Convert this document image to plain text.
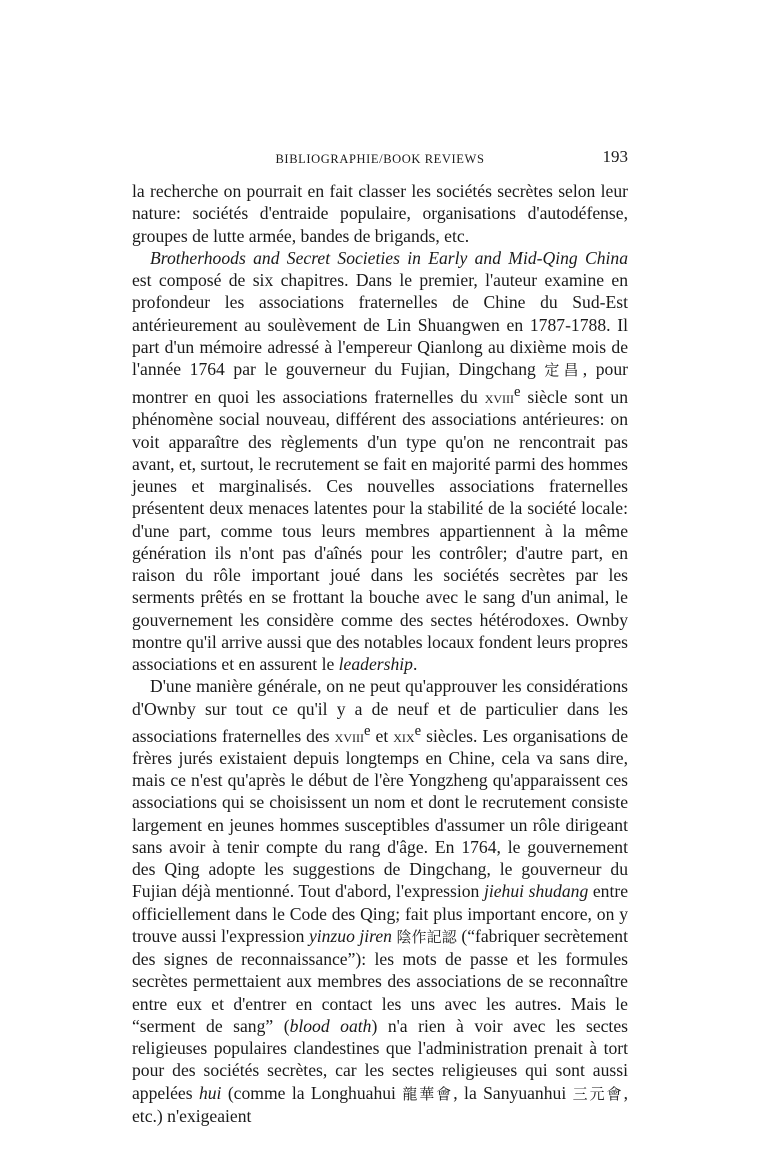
BIBLIOGRAPHIE/BOOK REVIEWS	193

la recherche on pourrait en fait classer les sociétés secrètes selon leur nature: sociétés d'entraide populaire, organisations d'autodéfense, groupes de lutte armée, bandes de brigands, etc.

Brotherhoods and Secret Societies in Early and Mid-Qing China est composé de six chapitres. Dans le premier, l'auteur examine en profondeur les associations fraternelles de Chine du Sud-Est antérieurement au soulèvement de Lin Shuangwen en 1787-1788. Il part d'un mémoire adressé à l'empereur Qianlong au dixième mois de l'année 1764 par le gouverneur du Fujian, Dingchang 定昌, pour montrer en quoi les associations fraternelles du xviii$^e$ siècle sont un phénomène social nouveau, différent des associations antérieures: on voit apparaître des règlements d'un type qu'on ne rencontrait pas avant, et, surtout, le recrutement se fait en majorité parmi des hommes jeunes et marginalisés. Ces nouvelles associations fraternelles présentent deux menaces latentes pour la stabilité de la société locale: d'une part, comme tous leurs membres appartiennent à la même génération ils n'ont pas d'aînés pour les contrôler; d'autre part, en raison du rôle important joué dans les sociétés secrètes par les serments prêtés en se frottant la bouche avec le sang d'un animal, le gouvernement les considère comme des sectes hétérodoxes. Ownby montre qu'il arrive aussi que des notables locaux fondent leurs propres associations et en assurent le leadership.

D'une manière générale, on ne peut qu'approuver les considérations d'Ownby sur tout ce qu'il y a de neuf et de particulier dans les associations fraternelles des xviii$^e$ et xix$^e$ siècles. Les organisations de frères jurés existaient depuis longtemps en Chine, cela va sans dire, mais ce n'est qu'après le début de l'ère Yongzheng qu'apparaissent ces associations qui se choisissent un nom et dont le recrutement consiste largement en jeunes hommes susceptibles d'assumer un rôle dirigeant sans avoir à tenir compte du rang d'âge. En 1764, le gouvernement des Qing adopte les suggestions de Dingchang, le gouverneur du Fujian déjà mentionné. Tout d'abord, l'expression jiehui shudang entre officiellement dans le Code des Qing; fait plus important encore, on y trouve aussi l'expression yinzuo jiren 陰作記認 (“fabriquer secrètement des signes de reconnaissance”): les mots de passe et les formules secrètes permettaient aux membres des associations de se reconnaître entre eux et d'entrer en contact les uns avec les autres. Mais le “serment de sang” (blood oath) n'a rien à voir avec les sectes religieuses populaires clandestines que l'administration prenait à tort pour des sociétés secrètes, car les sectes religieuses qui sont aussi appelées hui (comme la Longhuahui 龍華會, la Sanyuanhui 三元會, etc.) n'exigeaient
